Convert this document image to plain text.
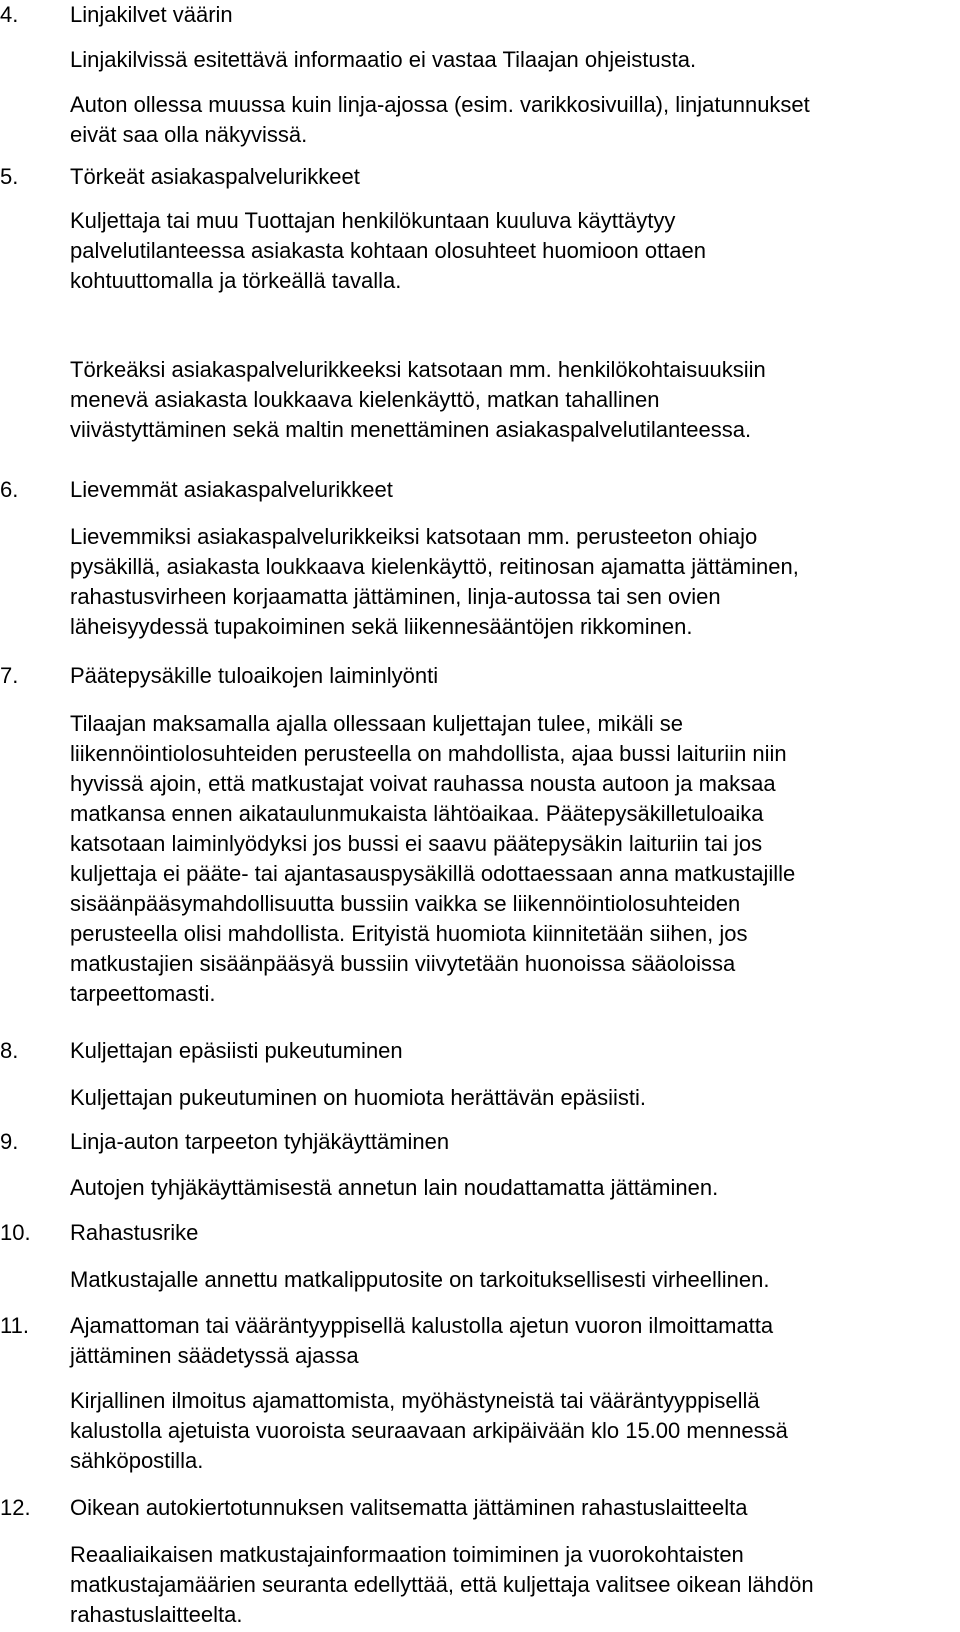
4.	Linjakilvet väärin

Linjakilvissä esitettävä informaatio ei vastaa Tilaajan ohjeistusta.

Auton ollessa muussa kuin linja-ajossa (esim. varikkosivuilla), linjatunnukset
eivät saa olla näkyvissä.

5.	Törkeät asiakaspalvelurikkeet

Kuljettaja tai muu Tuottajan henkilökuntaan kuuluva käyttäytyy
palvelutilanteessa asiakasta kohtaan olosuhteet huomioon ottaen
kohtuuttomalla ja törkeällä tavalla.

Törkeäksi asiakaspalvelurikkeeksi katsotaan mm. henkilökohtaisuuksiin
menevä asiakasta loukkaava kielenkäyttö, matkan tahallinen
viivästyttäminen sekä maltin menettäminen asiakaspalvelutilanteessa.

6.	Lievemmät asiakaspalvelurikkeet

Lievemmiksi asiakaspalvelurikkeiksi katsotaan mm. perusteeton ohiajo
pysäkillä, asiakasta loukkaava kielenkäyttö, reitinosan ajamatta jättäminen,
rahastusvirheen korjaamatta jättäminen, linja-autossa tai sen ovien
läheisyydessä tupakoiminen sekä liikennesääntöjen rikkominen.

7.	Päätepysäkille tuloaikojen laiminlyönti

Tilaajan maksamalla ajalla ollessaan kuljettajan tulee, mikäli se
liikennöintiolosuhteiden perusteella on mahdollista, ajaa bussi laituriin niin
hyvissä ajoin, että matkustajat voivat rauhassa nousta autoon ja maksaa
matkansa ennen aikataulunmukaista lähtöaikaa. Päätepysäkilletuloaika
katsotaan laiminlyödyksi jos bussi ei saavu päätepysäkin laituriin tai jos
kuljettaja ei pääte- tai ajantasauspysäkillä odottaessaan anna matkustajille
sisäänpääsymahdollisuutta bussiin vaikka se liikennöintiolosuhteiden
perusteella olisi mahdollista. Erityistä huomiota kiinnitetään siihen, jos
matkustajien sisäänpääsyä bussiin viivytetään huonoissa sääoloissa
tarpeettomasti.

8.	Kuljettajan epäsiisti pukeutuminen

Kuljettajan pukeutuminen on huomiota herättävän epäsiisti.

9.	Linja-auton tarpeeton tyhjäkäyttäminen

Autojen tyhjäkäyttämisestä annetun lain noudattamatta jättäminen.

10.	Rahastusrike

Matkustajalle annettu matkalipputosite on tarkoituksellisesti virheellinen.

11.	Ajamattoman tai vääräntyyppisellä kalustolla ajetun vuoron ilmoittamatta
jättäminen säädetyssä ajassa

Kirjallinen ilmoitus ajamattomista, myöhästyneistä tai vääräntyyppisellä
kalustolla ajetuista vuoroista seuraavaan arkipäivään klo 15.00 mennessä
sähköpostilla.

12.	Oikean autokiertotunnuksen valitsematta jättäminen rahastuslaitteelta

Reaaliaikaisen matkustajainformaation toimiminen ja vuorokohtaisten
matkustajamäärien seuranta edellyttää, että kuljettaja valitsee oikean lähdön
rahastuslaitteelta.
